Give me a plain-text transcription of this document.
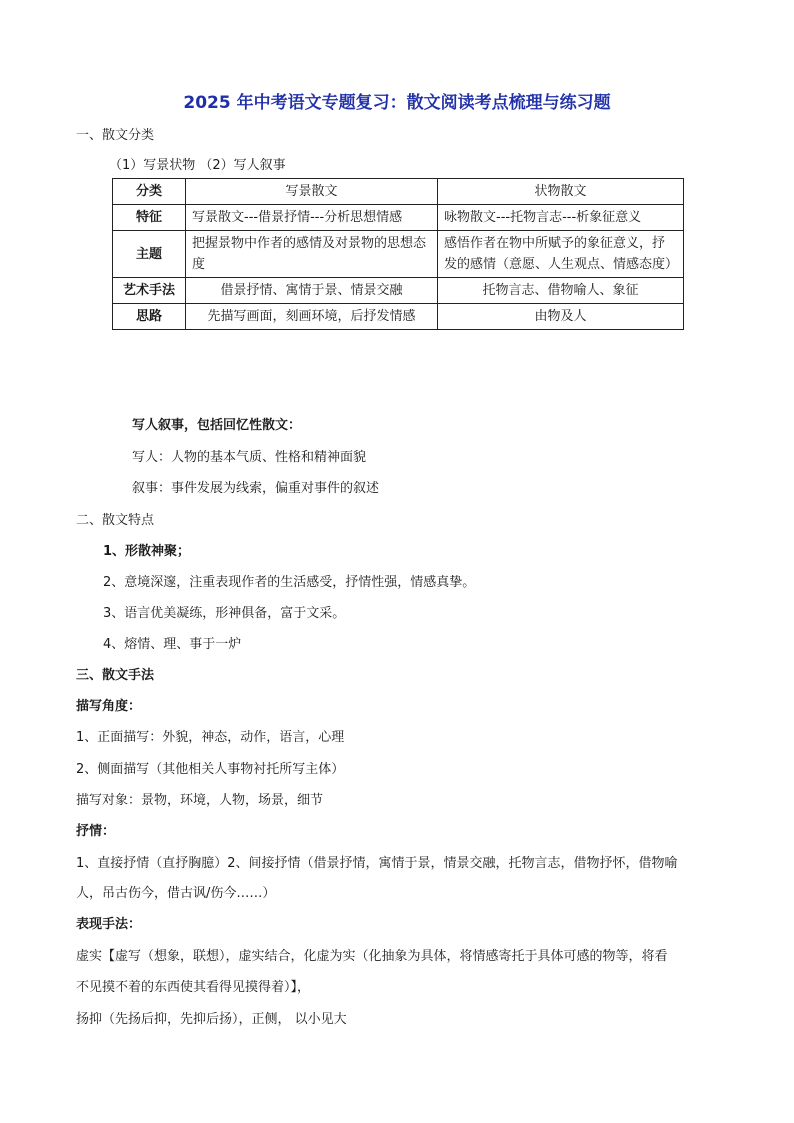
2025 年中考语文专题复习：散文阅读考点梳理与练习题
一、散文分类
（1）写景状物 （2）写人叙事
分类	写景散文	状物散文
特征	写景散文---借景抒情---分析思想情感	咏物散文---托物言志---析象征意义
主题	把握景物中作者的感情及对景物的思想态度	感悟作者在物中所赋予的象征意义，抒发的感情（意愿、人生观点、情感态度）
艺术手法	借景抒情、寓情于景、情景交融	托物言志、借物喻人、象征
思路	先描写画面，刻画环境，后抒发情感	由物及人
写人叙事，包括回忆性散文：
写人：人物的基本气质、性格和精神面貌
叙事：事件发展为线索，偏重对事件的叙述
二、散文特点
1、形散神聚；
2、意境深邃，注重表现作者的生活感受，抒情性强，情感真挚。
3、语言优美凝练，形神俱备，富于文采。
4、熔情、理、事于一炉
三、散文手法
描写角度：
1、正面描写：外貌，神态，动作，语言，心理
2、侧面描写（其他相关人事物衬托所写主体）
描写对象：景物，环境，人物，场景，细节
抒情：
1、直接抒情（直抒胸臆）2、间接抒情（借景抒情，寓情于景，情景交融，托物言志，借物抒怀，借物喻
人，吊古伤今，借古讽/伤今……）
表现手法：
虚实【虚写（想象，联想），虚实结合，化虚为实（化抽象为具体，将情感寄托于具体可感的物等，将看
不见摸不着的东西使其看得见摸得着）】，
扬抑（先扬后抑，先抑后扬），正侧， 以小见大
